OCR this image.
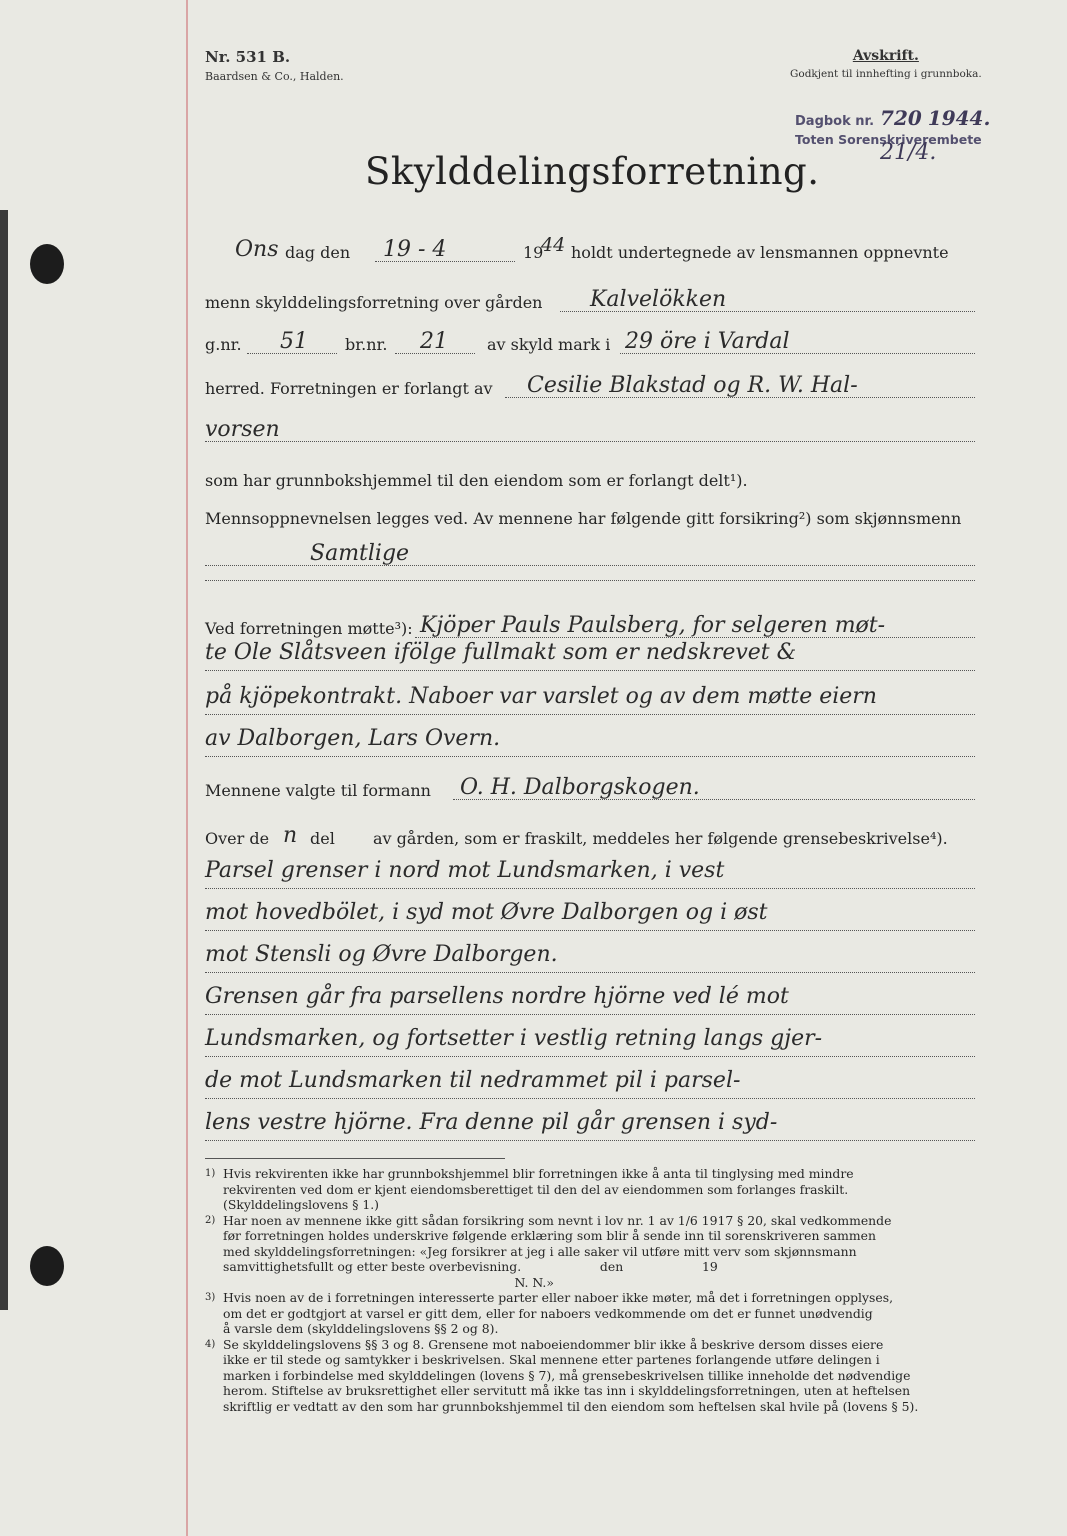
Nr. 531 B.
Baardsen & Co., Halden.
Avskrift.
Godkjent til innhefting i grunnboka.
Dagbok nr. 720 1944.
Toten Sorenskriverembete
21/4.
Skylddelingsforretning.
Ons dag den 19 - 4	19
44 holdt undertegnede av lensmannen oppnevnte
menn skylddelingsforretning over gården Kalvelökken
g.nr. 51 br.nr. 21 av skyld mark i 29 öre i Vardal
herred. Forretningen er forlangt av Cesilie Blakstad og R. W. Hal-
vorsen
som har grunnbokshjemmel til den eiendom som er forlangt delt¹).
Mennsoppnevnelsen legges ved. Av mennene har følgende gitt forsikring²) som skjønnsmenn
Samtlige
Ved forretningen møtte³): Kjöper Pauls Paulsberg, for selgeren møt-
te Ole Slåtsveen ifölge fullmakt som er nedskrevet &
på kjöpekontrakt. Naboer var varslet og av dem møtte eiern
av Dalborgen, Lars Overn.
Mennene valgte til formann O. H. Dalborgskogen.
Over de n del av gården, som er fraskilt, meddeles her følgende grensebeskrivelse⁴).
Parsel grenser i nord mot Lundsmarken, i vest
mot hovedbölet, i syd mot Øvre Dalborgen og i øst
mot Stensli og Øvre Dalborgen.
Grensen går fra parsellens nordre hjörne ved lé mot
Lundsmarken, og fortsetter i vestlig retning langs gjer-
de mot Lundsmarken til nedrammet pil i parsel-
lens vestre hjörne. Fra denne pil går grensen i syd-
1) Hvis rekvirenten ikke har grunnbokshjemmel blir forretningen ikke å anta til tinglysing med mindre
rekvirenten ved dom er kjent eiendomsberettiget til den del av eiendommen som forlanges fraskilt.
(Skylddelingslovens § 1.)
2) Har noen av mennene ikke gitt sådan forsikring som nevnt i lov nr. 1 av 1/6 1917 § 20, skal vedkommende
før forretningen holdes underskrive følgende erklæring som blir å sende inn til sorenskriveren sammen
med skylddelingsforretningen: «Jeg forsikrer at jeg i alle saker vil utføre mitt verv som skjønnsmann
samvittighetsfullt og etter beste overbevisning.                    den                    19
N. N.»
3) Hvis noen av de i forretningen interesserte parter eller naboer ikke møter, må det i forretningen opplyses,
om det er godtgjort at varsel er gitt dem, eller for naboers vedkommende om det er funnet unødvendig
å varsle dem (skylddelingslovens §§ 2 og 8).
4) Se skylddelingslovens §§ 3 og 8. Grensene mot naboeiendommer blir ikke å beskrive dersom disses eiere
ikke er til stede og samtykker i beskrivelsen. Skal mennene etter partenes forlangende utføre delingen i
marken i forbindelse med skylddelingen (lovens § 7), må grensebeskrivelsen tillike inneholde det nødvendige
herom. Stiftelse av bruksrettighet eller servitutt må ikke tas inn i skylddelingsforretningen, uten at heftelsen
skriftlig er vedtatt av den som har grunnbokshjemmel til den eiendom som heftelsen skal hvile på (lovens § 5).
